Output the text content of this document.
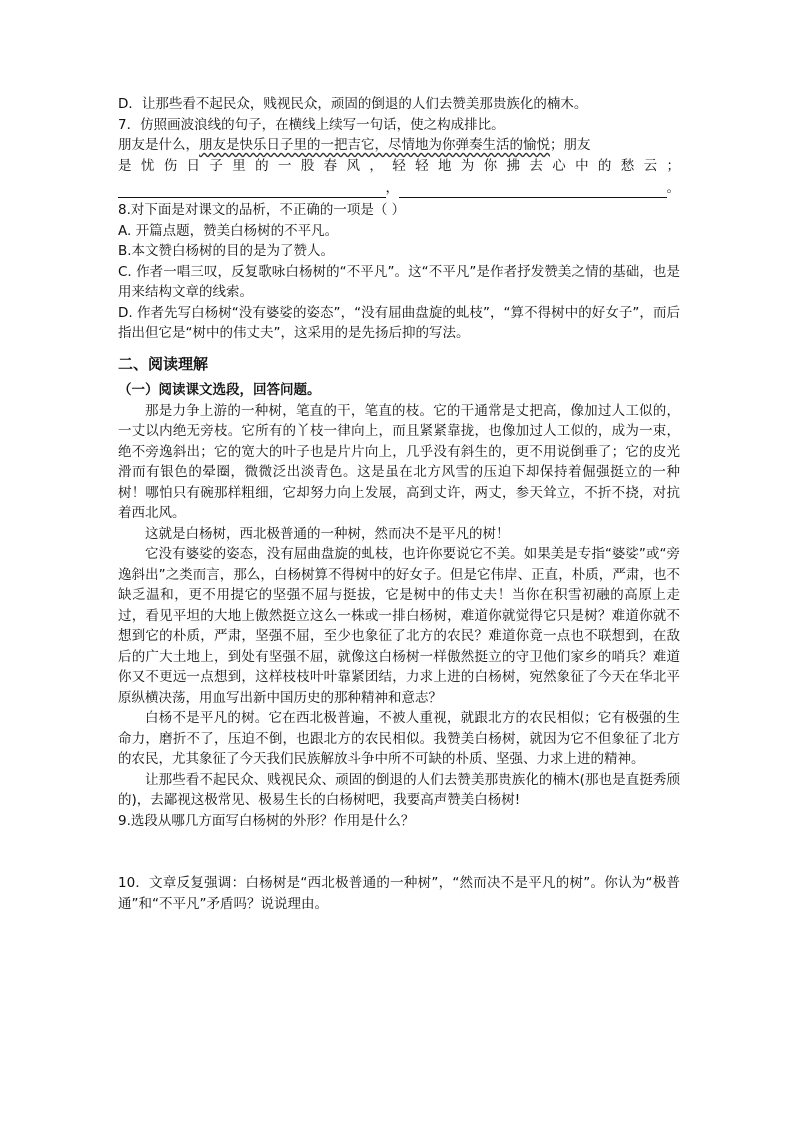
D．让那些看不起民众，贱视民众，顽固的倒退的人们去赞美那贵族化的楠木。

7．仿照画波浪线的句子，在横线上续写一句话，使之构成排比。

朋友是什么，朋友是快乐日子里的一把吉它，尽情地为你弹奏生活的愉悦；朋友
是忧伤日子里的一股春风，轻轻地为你拂去心中的愁云；
，	。

8.对下面是对课文的品析，不正确的一项是（ ）

A. 开篇点题，赞美白杨树的不平凡。

B.本文赞白杨树的目的是为了赞人。

C. 作者一唱三叹，反复歌咏白杨树的“不平凡”。这“不平凡”是作者抒发赞美之情的基础，也是用来结构文章的线索。

D. 作者先写白杨树“没有婆娑的姿态”，“没有屈曲盘旋的虬枝”，“算不得树中的好女子”，而后指出但它是“树中的伟丈夫”，这采用的是先扬后抑的写法。

二、阅读理解

（一）阅读课文选段，回答问题。

那是力争上游的一种树，笔直的干，笔直的枝。它的干通常是丈把高，像加过人工似的，一丈以内绝无旁枝。它所有的丫枝一律向上，而且紧紧靠拢，也像加过人工似的，成为一束，绝不旁逸斜出；它的宽大的叶子也是片片向上，几乎没有斜生的，更不用说倒垂了；它的皮光滑而有银色的晕圈，微微泛出淡青色。这是虽在北方风雪的压迫下却保持着倔强挺立的一种树！哪怕只有碗那样粗细，它却努力向上发展，高到丈许，两丈，参天耸立，不折不挠，对抗着西北风。

这就是白杨树，西北极普通的一种树，然而决不是平凡的树！

它没有婆娑的姿态，没有屈曲盘旋的虬枝，也许你要说它不美。如果美是专指“婆娑”或“旁逸斜出”之类而言，那么，白杨树算不得树中的好女子。但是它伟岸、正直，朴质，严肃，也不缺乏温和，更不用提它的坚强不屈与挺拔，它是树中的伟丈夫！当你在积雪初融的高原上走过，看见平坦的大地上傲然挺立这么一株或一排白杨树，难道你就觉得它只是树？难道你就不想到它的朴质，严肃，坚强不屈，至少也象征了北方的农民？难道你竟一点也不联想到，在敌后的广大土地上，到处有坚强不屈，就像这白杨树一样傲然挺立的守卫他们家乡的哨兵？难道你又不更远一点想到，这样枝枝叶叶靠紧团结，力求上进的白杨树，宛然象征了今天在华北平原纵横决荡，用血写出新中国历史的那种精神和意志？

白杨不是平凡的树。它在西北极普遍，不被人重视，就跟北方的农民相似；它有极强的生命力，磨折不了，压迫不倒，也跟北方的农民相似。我赞美白杨树，就因为它不但象征了北方的农民，尤其象征了今天我们民族解放斗争中所不可缺的朴质、坚强、力求上进的精神。

让那些看不起民众、贱视民众、顽固的倒退的人们去赞美那贵族化的楠木(那也是直挺秀颀的)，去鄙视这极常见、极易生长的白杨树吧，我要高声赞美白杨树!

9.选段从哪几方面写白杨树的外形？作用是什么？

10．文章反复强调：白杨树是“西北极普通的一种树”，“然而决不是平凡的树”。你认为“极普通”和“不平凡”矛盾吗？说说理由。
